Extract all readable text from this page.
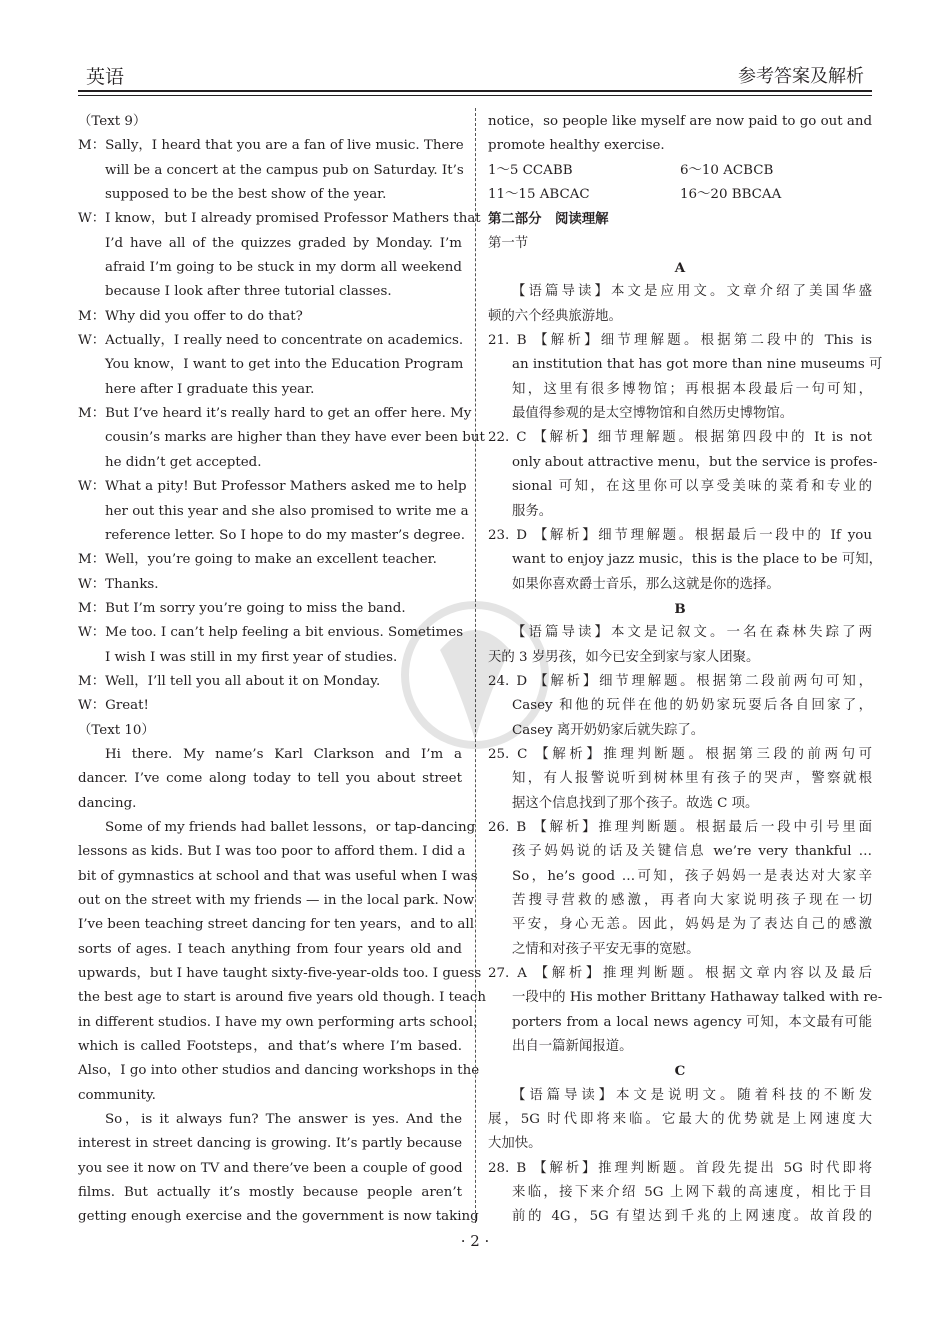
英语	参考答案及解析
（Text 9）
M：Sally，I heard that you are a fan of live music. There
will be a concert at the campus pub on Saturday. It’s
supposed to be the best show of the year.
W：I know，but I already promised Professor Mathers that
I’d have all of the quizzes graded by Monday. I’m
afraid I’m going to be stuck in my dorm all weekend
because I look after three tutorial classes.
M：Why did you offer to do that?
W：Actually，I really need to concentrate on academics.
You know，I want to get into the Education Program
here after I graduate this year.
M：But I’ve heard it’s really hard to get an offer here. My
cousin’s marks are higher than they have ever been but
he didn’t get accepted.
W：What a pity! But Professor Mathers asked me to help
her out this year and she also promised to write me a
reference letter. So I hope to do my master’s degree.
M：Well，you’re going to make an excellent teacher.
W：Thanks.
M：But I’m sorry you’re going to miss the band.
W：Me too. I can’t help feeling a bit envious. Sometimes
I wish I was still in my first year of studies.
M：Well，I’ll tell you all about it on Monday.
W：Great!
（Text 10）
Hi there. My name’s Karl Clarkson and I’m a
dancer. I’ve come along today to tell you about street
dancing.
Some of my friends had ballet lessons，or tap-dancing
lessons as kids. But I was too poor to afford them. I did a
bit of gymnastics at school and that was useful when I was
out on the street with my friends — in the local park. Now
I’ve been teaching street dancing for ten years，and to all
sorts of ages. I teach anything from four years old and
upwards，but I have taught sixty-five-year-olds too. I guess
the best age to start is around five years old though. I teach
in different studios. I have my own performing arts school，
which is called Footsteps，and that’s where I’m based.
Also，I go into other studios and dancing workshops in the
community.
So，is it always fun? The answer is yes. And the
interest in street dancing is growing. It’s partly because
you see it now on TV and there’ve been a couple of good
films. But actually it’s mostly because people aren’t
getting enough exercise and the government is now taking
notice，so people like myself are now paid to go out and
promote healthy exercise.
1～5 CCABB	6～10 ACBCB
11～15 ABCAC	16～20 BBCAA
第二部分　阅读理解
第一节
A
【语篇导读】本文是应用文。文章介绍了美国华盛
顿的六个经典旅游地。
21. B 【解析】细节理解题。根据第二段中的 This is
an institution that has got more than nine museums 可
知，这里有很多博物馆；再根据本段最后一句可知，
最值得参观的是太空博物馆和自然历史博物馆。
22. C 【解析】细节理解题。根据第四段中的 It is not
only about attractive menu，but the service is profes-
sional 可知，在这里你可以享受美味的菜肴和专业的
服务。
23. D 【解析】细节理解题。根据最后一段中的 If you
want to enjoy jazz music，this is the place to be 可知，
如果你喜欢爵士音乐，那么这就是你的选择。
B
【语篇导读】本文是记叙文。一名在森林失踪了两
天的 3 岁男孩，如今已安全到家与家人团聚。
24. D 【解析】细节理解题。根据第二段前两句可知，
Casey 和他的玩伴在他的奶奶家玩耍后各自回家了，
Casey 离开奶奶家后就失踪了。
25. C 【解析】推理判断题。根据第三段的前两句可
知，有人报警说听到树林里有孩子的哭声，警察就根
据这个信息找到了那个孩子。故选 C 项。
26. B 【解析】推理判断题。根据最后一段中引号里面
孩子妈妈说的话及关键信息 we’re very thankful …
So，he’s good …可知，孩子妈妈一是表达对大家辛
苦搜寻营救的感激，再者向大家说明孩子现在一切
平安，身心无恙。因此，妈妈是为了表达自己的感激
之情和对孩子平安无事的宽慰。
27. A 【解析】推理判断题。根据文章内容以及最后
一段中的 His mother Brittany Hathaway talked with re-
porters from a local news agency 可知，本文最有可能
出自一篇新闻报道。
C
【语篇导读】本文是说明文。随着科技的不断发
展，5G 时代即将来临。它最大的优势就是上网速度大
大加快。
28. B 【解析】推理判断题。首段先提出 5G 时代即将
来临，接下来介绍 5G 上网下载的高速度，相比于目
前的 4G，5G 有望达到千兆的上网速度。故首段的
· 2 ·
